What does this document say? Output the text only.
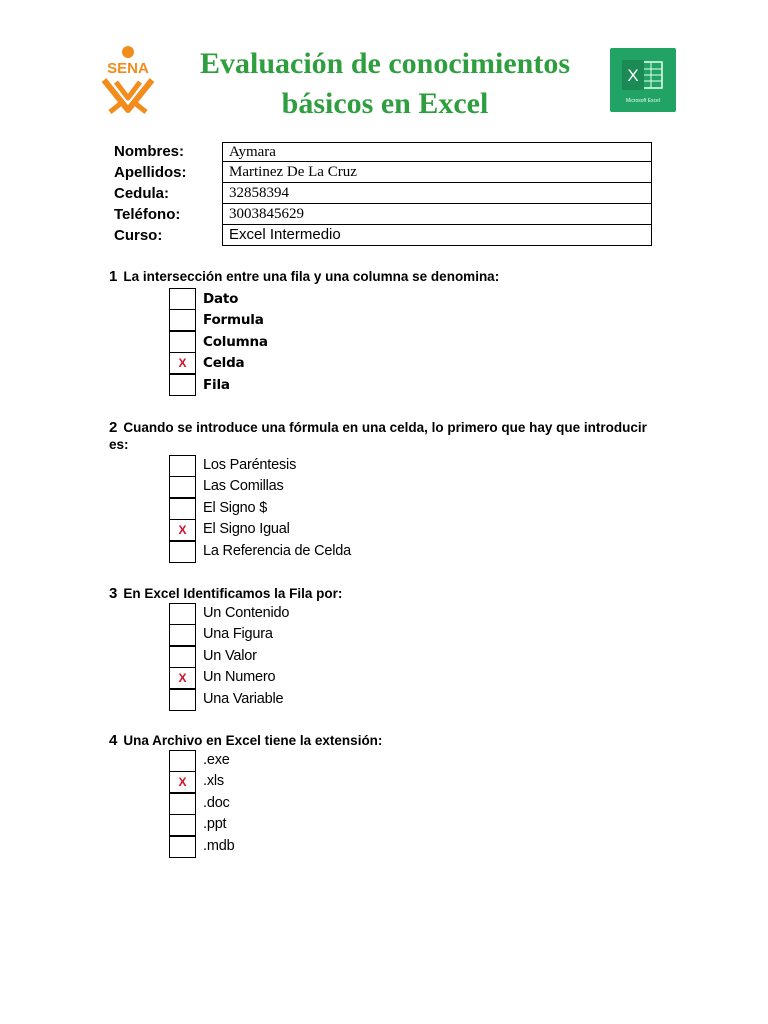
SENA	Evaluación de conocimientos
básicos en Excel
X
Microsoft Excel
Nombres:	Aymara
Apellidos:	Martinez De La Cruz
Cedula:	32858394
Teléfono:	3003845629
Curso:	Excel Intermedio
1 La intersección entre una fila y una columna se denomina:
Dato
Formula
Columna
X	Celda
Fila
2 Cuando se introduce una fórmula en una celda, lo primero que hay que introducir es:
Los Paréntesis
Las Comillas
El Signo $
X	El Signo Igual
La Referencia de Celda
3 En Excel Identificamos la Fila por:
Un Contenido
Una Figura
Un Valor
X	Un Numero
Una Variable
4 Una Archivo en Excel tiene la extensión:
.exe
X	.xls
.doc
.ppt
.mdb
